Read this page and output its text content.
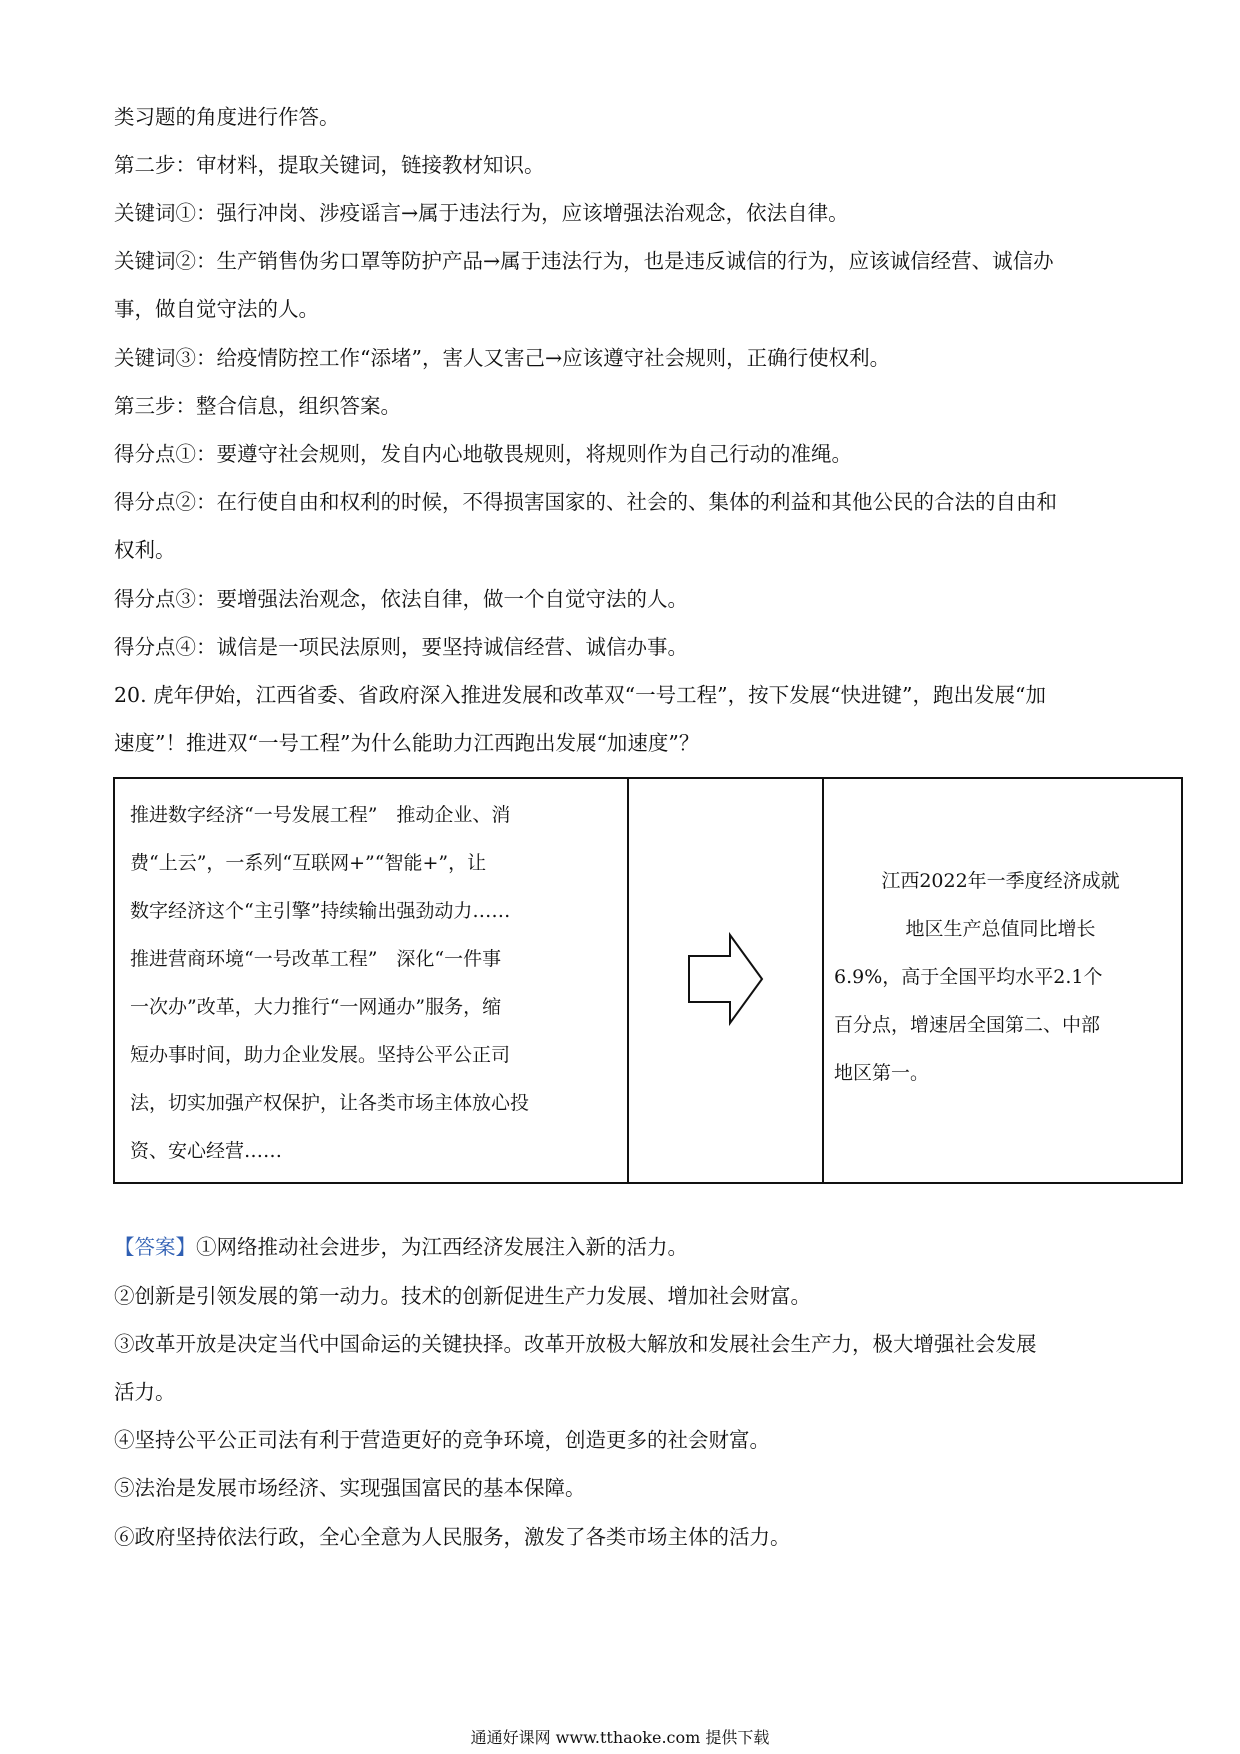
类习题的角度进行作答。

第二步：审材料，提取关键词，链接教材知识。

关键词①：强行冲岗、涉疫谣言→属于违法行为，应该增强法治观念，依法自律。

关键词②：生产销售伪劣口罩等防护产品→属于违法行为，也是违反诚信的行为，应该诚信经营、诚信办

事，做自觉守法的人。

关键词③：给疫情防控工作“添堵”，害人又害己→应该遵守社会规则，正确行使权利。

第三步：整合信息，组织答案。

得分点①：要遵守社会规则，发自内心地敬畏规则，将规则作为自己行动的准绳。

得分点②：在行使自由和权利的时候，不得损害国家的、社会的、集体的利益和其他公民的合法的自由和

权利。

得分点③：要增强法治观念，依法自律，做一个自觉守法的人。

得分点④：诚信是一项民法原则，要坚持诚信经营、诚信办事。

20. 虎年伊始，江西省委、省政府深入推进发展和改革双“一号工程”，按下发展“快进键”，跑出发展“加

速度”！推进双“一号工程”为什么能助力江西跑出发展“加速度”？

推进数字经济“一号发展工程”　推动企业、消

费“上云”，一系列“互联网+”“智能+”，让

数字经济这个“主引擎”持续输出强劲动力……

推进营商环境“一号改革工程”　深化“一件事

一次办”改革，大力推行“一网通办”服务，缩

短办事时间，助力企业发展。坚持公平公正司

法，切实加强产权保护，让各类市场主体放心投

资、安心经营……

江西2022年一季度经济成就

地区生产总值同比增长

6.9%，高于全国平均水平2.1个

百分点，增速居全国第二、中部

地区第一。

【答案】①网络推动社会进步，为江西经济发展注入新的活力。

②创新是引领发展的第一动力。技术的创新促进生产力发展、增加社会财富。

③改革开放是决定当代中国命运的关键抉择。改革开放极大解放和发展社会生产力，极大增强社会发展

活力。

④坚持公平公正司法有利于营造更好的竞争环境，创造更多的社会财富。

⑤法治是发展市场经济、实现强国富民的基本保障。

⑥政府坚持依法行政，全心全意为人民服务，激发了各类市场主体的活力。

通通好课网 www.tthaoke.com 提供下载
